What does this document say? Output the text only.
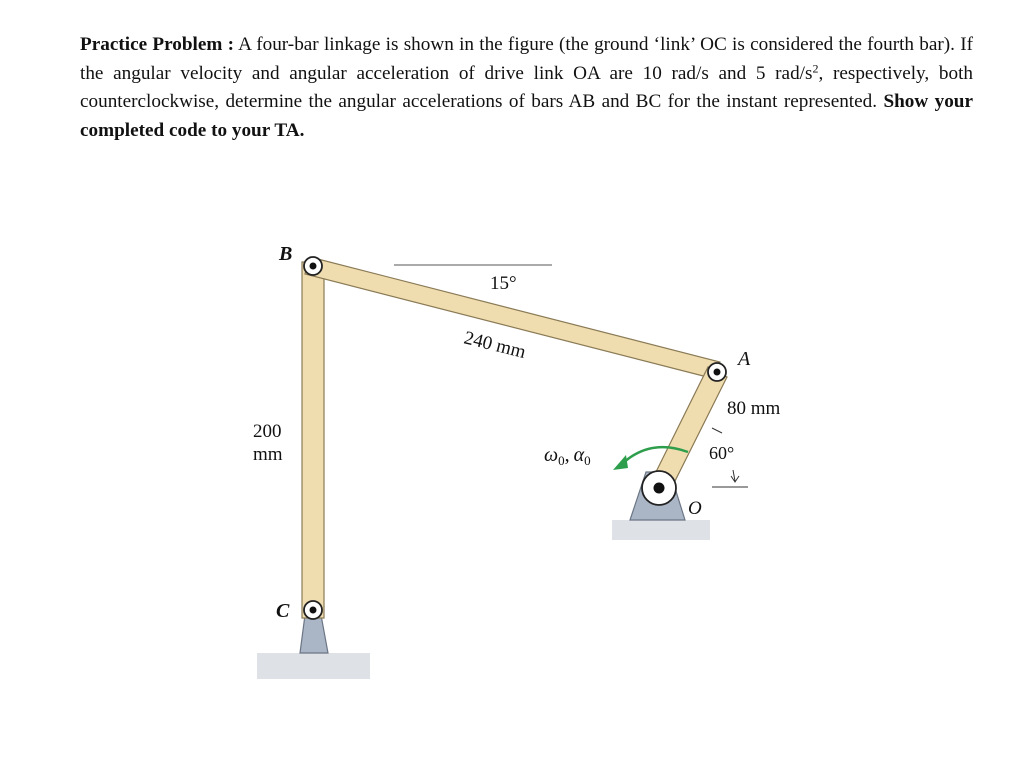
Practice Problem : A four-bar linkage is shown in the figure (the ground ‘link’ OC is considered the fourth bar). If the angular velocity and angular acceleration of drive link OA are 10 rad/s and 5 rad/$s^2$, respectively, both counterclockwise, determine the angular accelerations of bars AB and BC for the instant represented. Show your completed code to your TA.
B
A
C
O
15°
240 mm
80 mm
60°
200
mm	$\omega_0$, $\alpha_0$
